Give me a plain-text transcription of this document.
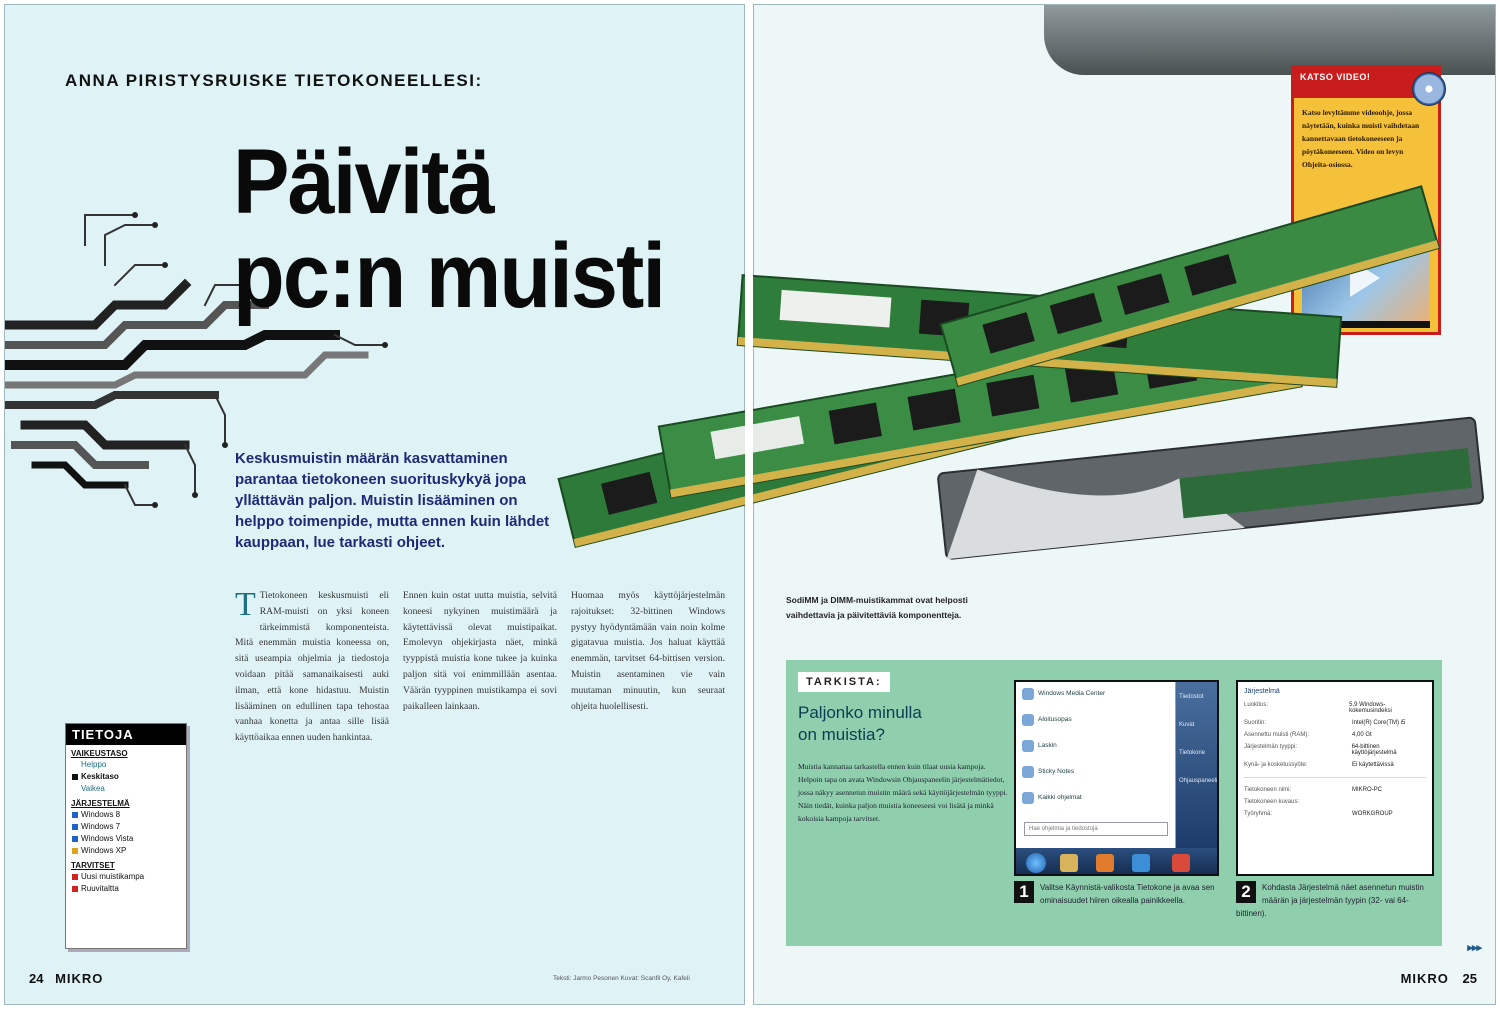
ANNA PIRISTYSRUISKE TIETOKONEELLESI:
Päivitä
pc:n muisti
Keskusmuistin määrän kasvattaminen parantaa tietokoneen suorituskykyä jopa yllättävän paljon. Muistin lisääminen on helppo toimenpide, mutta ennen kuin lähdet kauppaan, lue tarkasti ohjeet.
T Tietokoneen keskusmuisti eli RAM-muisti on yksi koneen tärkeimmistä komponenteista. Mitä enemmän muistia koneessa on, sitä useampia ohjelmia ja tiedostoja voidaan pitää samanaikaisesti auki ilman, että kone hidastuu. Muistin lisääminen on edullinen tapa tehostaa vanhaa konetta ja antaa sille lisää käyttöaikaa ennen uuden hankintaa.
Ennen kuin ostat uutta muistia, selvitä koneesi nykyinen muistimäärä ja käytettävissä olevat muistipaikat. Emolevyn ohjekirjasta näet, minkä tyyppistä muistia kone tukee ja kuinka paljon sitä voi enimmillään asentaa. Väärän tyyppinen muistikampa ei sovi paikalleen lainkaan.
Huomaa myös käyttöjärjestelmän rajoitukset: 32-bittinen Windows pystyy hyödyntämään vain noin kolme gigatavua muistia. Jos haluat käyttää enemmän, tarvitset 64-bittisen version. Muistin asentaminen vie vain muutaman minuutin, kun seuraat ohjeita huolellisesti.
TIETOJA
VAIKEUSTASO
Helppo
Keskitaso
Vaikea
JÄRJESTELMÄ
Windows 8
Windows 7
Windows Vista
Windows XP
TARVITSET
Uusi muistikampa
Ruuvitaltta
24 MIKRO	Teksti: Jarmo Pesonen Kuvat: Scanfil Oy, Kafeli
SodiMM ja DIMM-muistikammat ovat helposti vaihdettavia ja päivitettäviä komponentteja.
KATSO VIDEO!
Katso levyltämme videoohje, jossa näytetään, kuinka muisti vaihdetaan kannettavaan tietokoneeseen ja pöytäkoneeseen. Video on levyn Ohjeita-osiossa.
TARKISTA:
Paljonko minulla
on muistia?
Muistia kannattaa tarkastella ennen kuin tilaat uusia kampoja. Helpoin tapa on avata Windowsin Ohjauspaneelin järjestelmätiedot, jossa näkyy asennetun muistin määrä sekä käyttöjärjestelmän tyyppi. Näin tiedät, kuinka paljon muistia koneeseesi voi lisätä ja minkä kokoisia kampoja tarvitset.
Windows Media Center
Aloitusopas
Laskin
Sticky Notes
Kaikki ohjelmat
Hae ohjelmia ja tiedostoja
Tiedostot
Kuvat
Tietokone
Ohjauspaneeli
Järjestelmä
Luokitus:	5,9 Windows-kokemusindeksi
Suoritin:	Intel(R) Core(TM) i5
Asennettu muisti (RAM):	4,00 Gt
Järjestelmän tyyppi:	64-bittinen käyttöjärjestelmä
Kynä- ja kosketussyöte:	Ei käytettävissä
Tietokoneen nimi:	MIKRO-PC
Tietokoneen kuvaus:
Työryhmä:	WORKGROUP
1	Valitse Käynnistä-valikosta Tietokone ja avaa sen ominaisuudet hiiren oikealla painikkeella.	2	Kohdasta Järjestelmä näet asennetun muistin määrän ja järjestelmän tyypin (32- vai 64-bittinen).
▸▸▸
MIKRO 25
